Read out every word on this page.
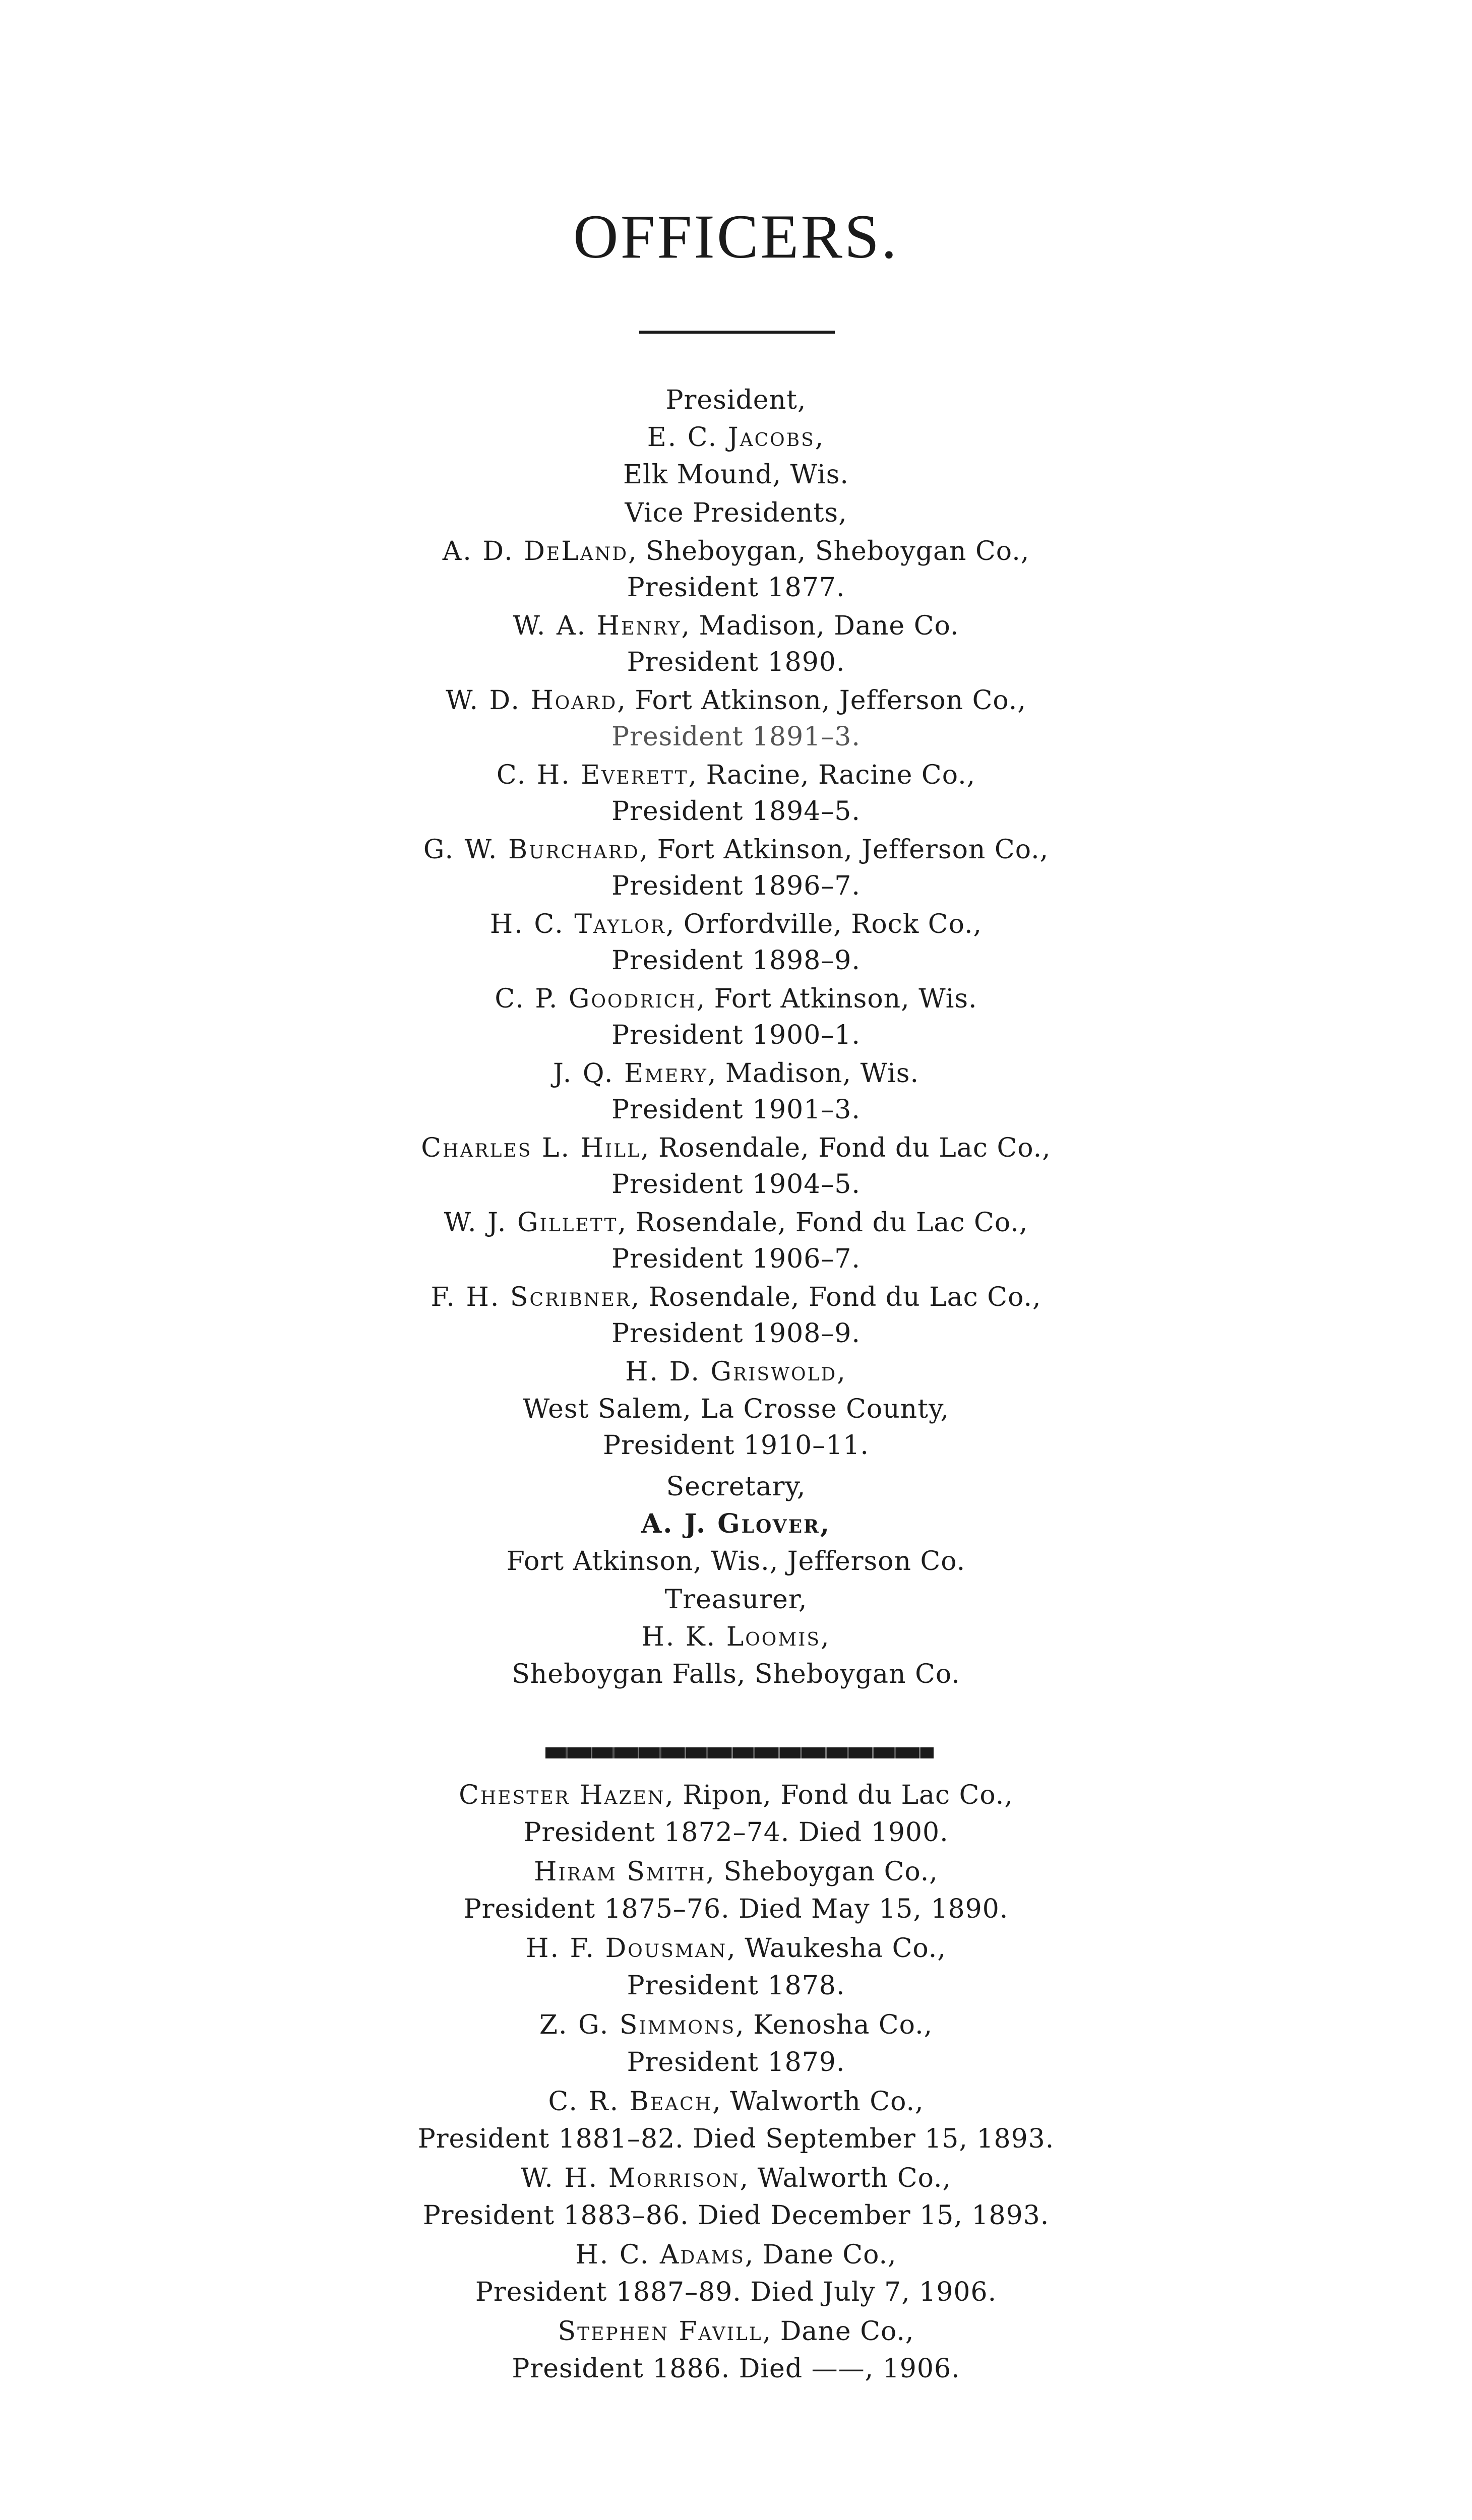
OFFICERS.
President,
E. C. Jacobs,
Elk Mound, Wis.
Vice Presidents,
A. D. DeLand, Sheboygan, Sheboygan Co.,
President 1877.
W. A. Henry, Madison, Dane Co.
President 1890.
W. D. Hoard, Fort Atkinson, Jefferson Co.,
President 1891–3.
C. H. Everett, Racine, Racine Co.,
President 1894–5.
G. W. Burchard, Fort Atkinson, Jefferson Co.,
President 1896–7.
H. C. Taylor, Orfordville, Rock Co.,
President 1898–9.
C. P. Goodrich, Fort Atkinson, Wis.
President 1900–1.
J. Q. Emery, Madison, Wis.
President 1901–3.
Charles L. Hill, Rosendale, Fond du Lac Co.,
President 1904–5.
W. J. Gillett, Rosendale, Fond du Lac Co.,
President 1906–7.
F. H. Scribner, Rosendale, Fond du Lac Co.,
President 1908–9.
H. D. Griswold,
West Salem, La Crosse County,
President 1910–11.
Secretary,
A. J. Glover,
Fort Atkinson, Wis., Jefferson Co.
Treasurer,
H. K. Loomis,
Sheboygan Falls, Sheboygan Co.
Chester Hazen, Ripon, Fond du Lac Co.,
President 1872–74. Died 1900.
Hiram Smith, Sheboygan Co.,
President 1875–76. Died May 15, 1890.
H. F. Dousman, Waukesha Co.,
President 1878.
Z. G. Simmons, Kenosha Co.,
President 1879.
C. R. Beach, Walworth Co.,
President 1881–82. Died September 15, 1893.
W. H. Morrison, Walworth Co.,
President 1883–86. Died December 15, 1893.
H. C. Adams, Dane Co.,
President 1887–89. Died July 7, 1906.
Stephen Favill, Dane Co.,
President 1886. Died ——, 1906.
